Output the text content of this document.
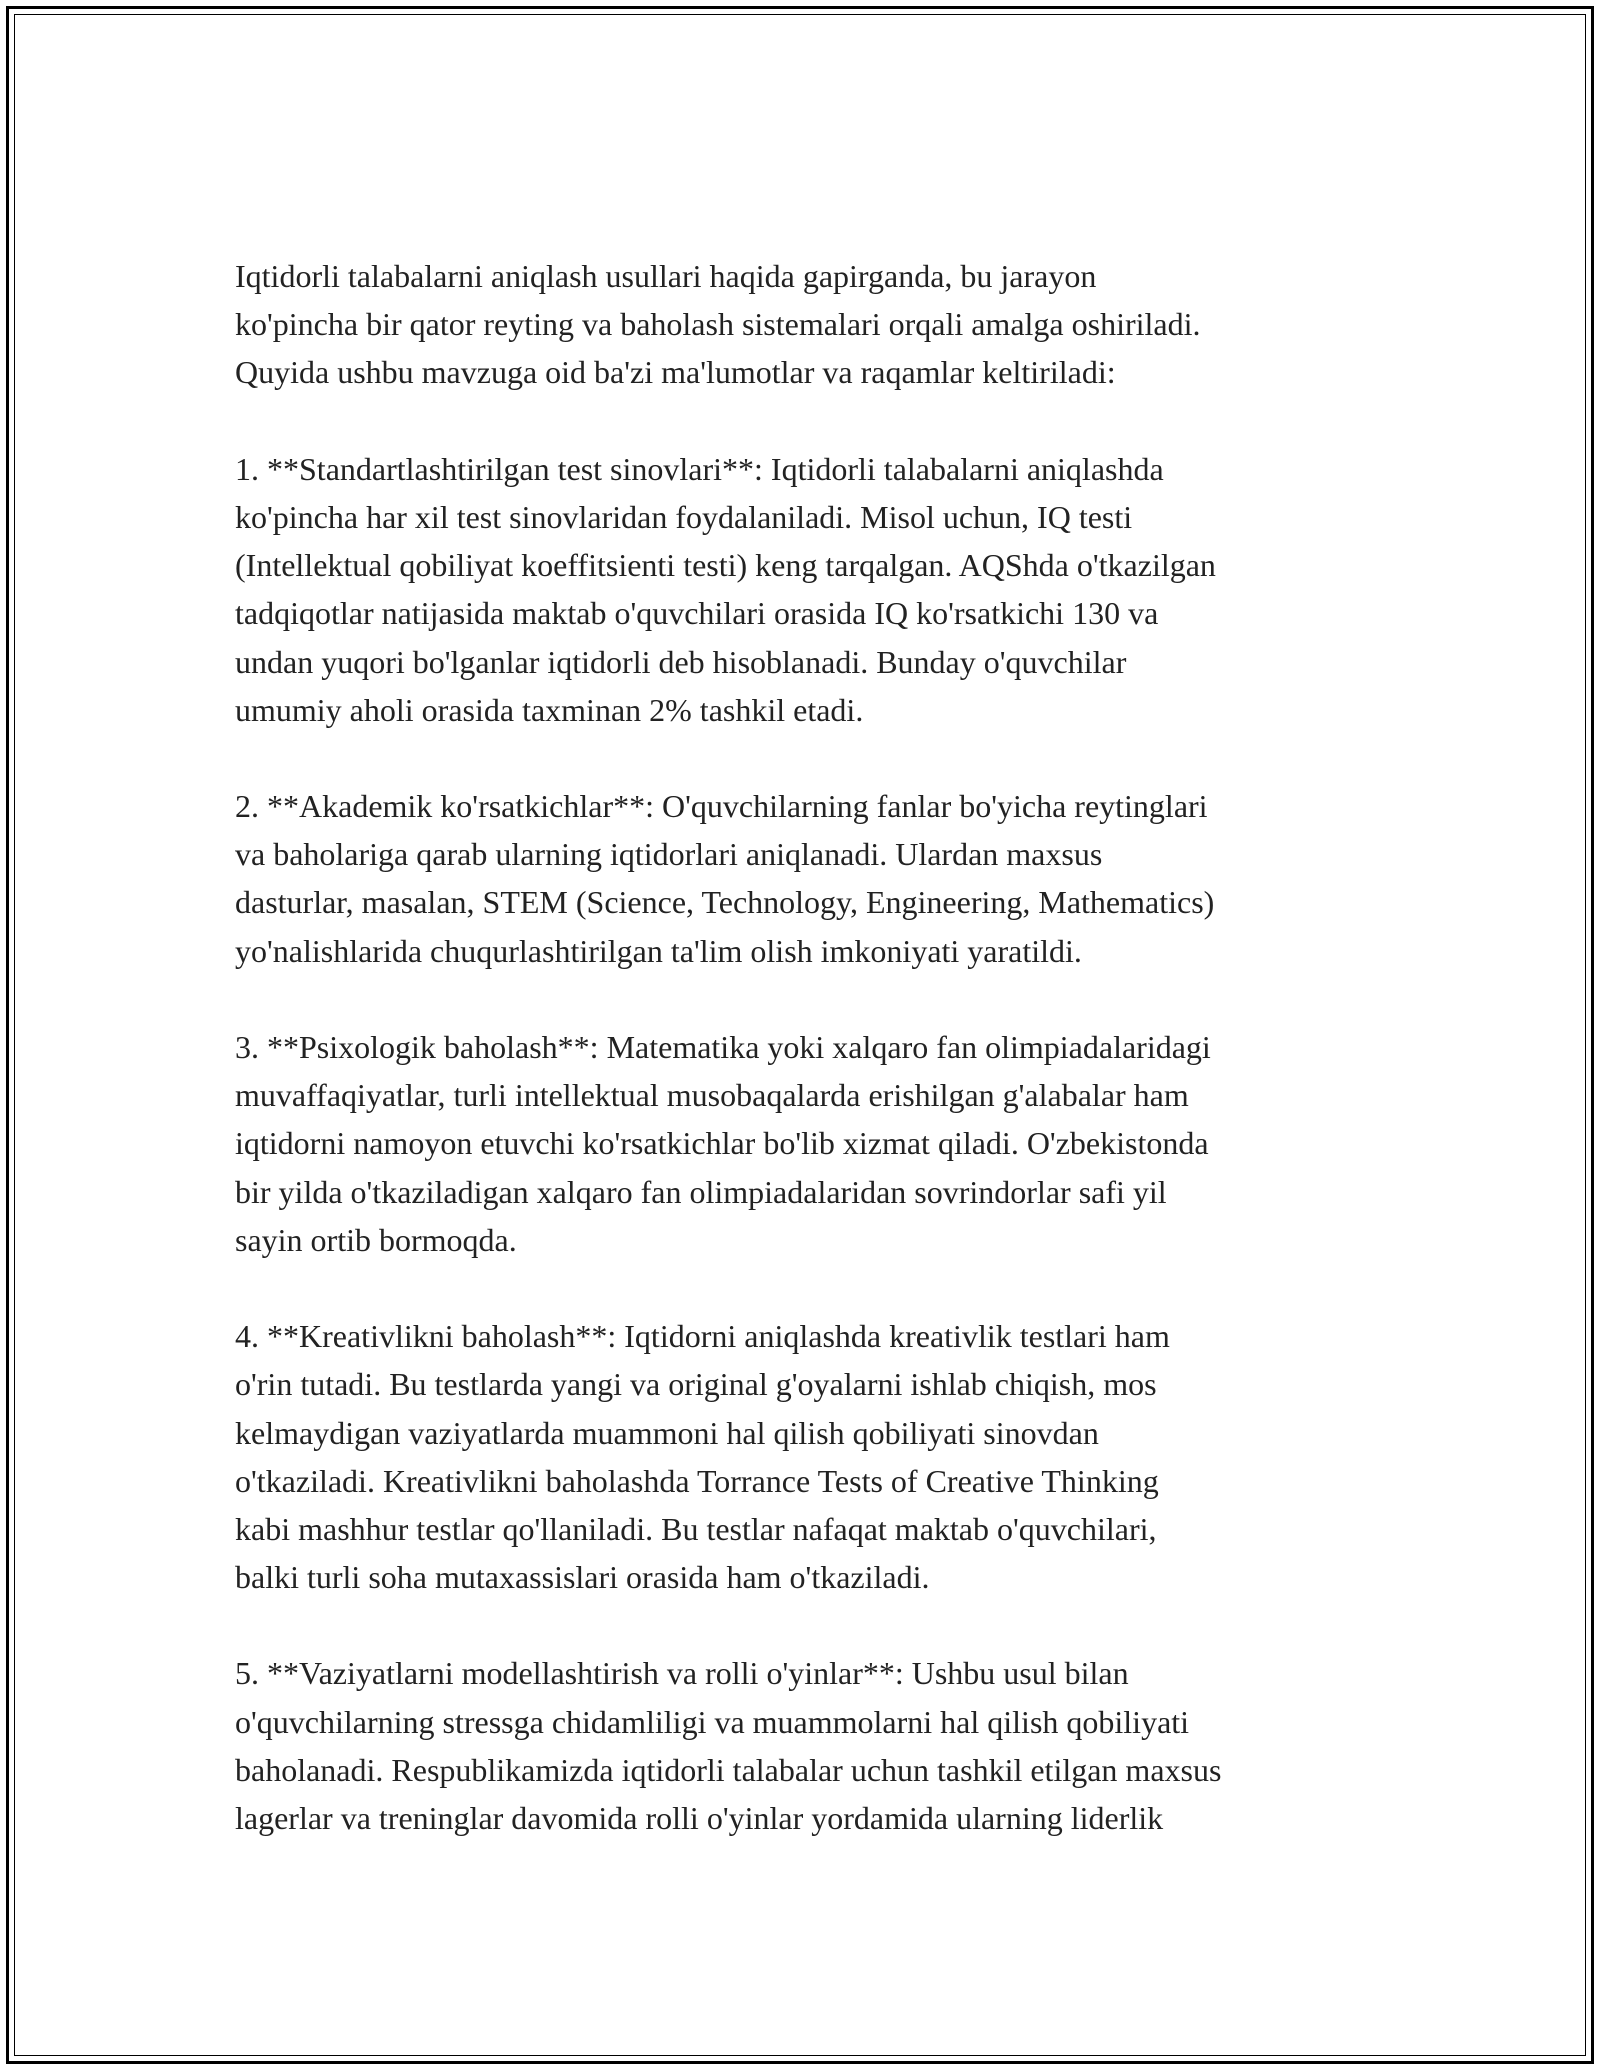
Iqtidorli talabalarni aniqlash usullari haqida gapirganda, bu jarayon
ko'pincha bir qator reyting va baholash sistemalari orqali amalga oshiriladi.
Quyida ushbu mavzuga oid ba'zi ma'lumotlar va raqamlar keltiriladi:

1. **Standartlashtirilgan test sinovlari**: Iqtidorli talabalarni aniqlashda
ko'pincha har xil test sinovlaridan foydalaniladi. Misol uchun, IQ testi
(Intellektual qobiliyat koeffitsienti testi) keng tarqalgan. AQShda o'tkazilgan
tadqiqotlar natijasida maktab o'quvchilari orasida IQ ko'rsatkichi 130 va
undan yuqori bo'lganlar iqtidorli deb hisoblanadi. Bunday o'quvchilar
umumiy aholi orasida taxminan 2% tashkil etadi.

2. **Akademik ko'rsatkichlar**: O'quvchilarning fanlar bo'yicha reytinglari
va baholariga qarab ularning iqtidorlari aniqlanadi. Ulardan maxsus
dasturlar, masalan, STEM (Science, Technology, Engineering, Mathematics)
yo'nalishlarida chuqurlashtirilgan ta'lim olish imkoniyati yaratildi.

3. **Psixologik baholash**: Matematika yoki xalqaro fan olimpiadalaridagi
muvaffaqiyatlar, turli intellektual musobaqalarda erishilgan g'alabalar ham
iqtidorni namoyon etuvchi ko'rsatkichlar bo'lib xizmat qiladi. O'zbekistonda
bir yilda o'tkaziladigan xalqaro fan olimpiadalaridan sovrindorlar safi yil
sayin ortib bormoqda.

4. **Kreativlikni baholash**: Iqtidorni aniqlashda kreativlik testlari ham
o'rin tutadi. Bu testlarda yangi va original g'oyalarni ishlab chiqish, mos
kelmaydigan vaziyatlarda muammoni hal qilish qobiliyati sinovdan
o'tkaziladi. Kreativlikni baholashda Torrance Tests of Creative Thinking
kabi mashhur testlar qo'llaniladi. Bu testlar nafaqat maktab o'quvchilari,
balki turli soha mutaxassislari orasida ham o'tkaziladi.

5. **Vaziyatlarni modellashtirish va rolli o'yinlar**: Ushbu usul bilan
o'quvchilarning stressga chidamliligi va muammolarni hal qilish qobiliyati
baholanadi. Respublikamizda iqtidorli talabalar uchun tashkil etilgan maxsus
lagerlar va treninglar davomida rolli o'yinlar yordamida ularning liderlik
